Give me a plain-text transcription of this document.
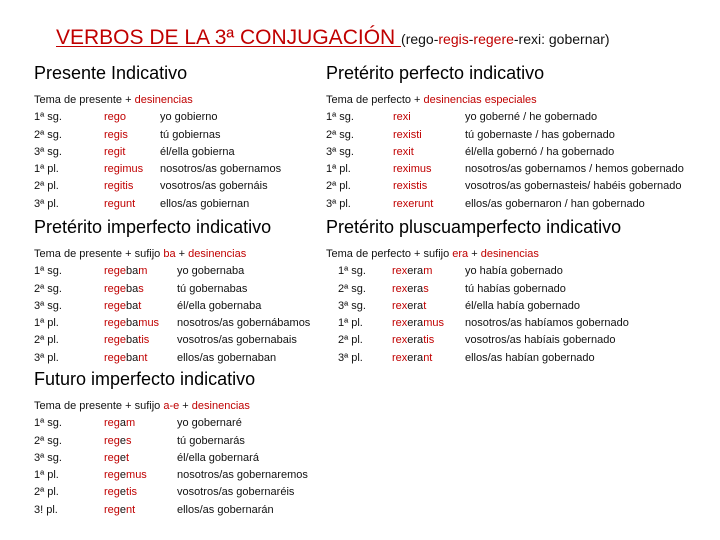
VERBOS DE LA 3ª CONJUGACIÓN (rego-regis-regere-rexi: gobernar)
Presente Indicativo
Tema de presente + desinencias
1ª sg.	rego	yo gobierno
2ª sg.	regis	tú gobiernas
3ª sg.	regit	él/ella gobierna
1ª pl.	regimus nosotros/as gobernamos
2ª pl.	regitis vosotros/as gobernáis
3ª pl.	regunt ellos/as gobiernan
Pretérito perfecto indicativo
Tema de perfecto + desinencias especiales
1ª sg.	rexi	yo goberné / he gobernado
2ª sg.	rexisti	tú gobernaste / has gobernado
3ª sg.	rexit	él/ella gobernó / ha gobernado
1ª pl.	reximus	nosotros/as gobernamos / hemos gobernado
2ª pl.	rexistis	vosotros/as gobernasteis/ habéis gobernado
3ª pl.	rexerunt	ellos/as gobernaron / han gobernado
Pretérito imperfecto indicativo
Tema de presente + sufijo ba + desinencias
1ª sg.	regebam	yo gobernaba
2ª sg.	regebas	tú gobernabas
3ª sg.	regebat	él/ella gobernaba
1ª pl.	regebamus nosotros/as gobernábamos
2ª pl.	regebatis	vosotros/as gobernabais
3ª pl.	regebant	ellos/as gobernaban
Pretérito pluscuamperfecto indicativo
Tema de perfecto + sufijo era + desinencias
1ª sg. rexeram	yo había gobernado
2ª sg. rexeras	tú habías gobernado
3ª sg. rexerat	él/ella había gobernado
1ª pl.	rexeramus nosotros/as habíamos gobernado
2ª pl.	rexeratis	vosotros/as habíais gobernado
3ª pl.	rexerant	ellos/as habían gobernado
Futuro imperfecto indicativo
Tema de presente + sufijo a-e + desinencias
1ª sg.	regam	yo gobernaré
2ª sg.	reges	tú gobernarás
3ª sg.	reget	él/ella gobernará
1ª pl.	regemus	nosotros/as gobernaremos
2ª pl.	regetis	vosotros/as gobernaréis
3! pl.	regent	ellos/as gobernarán
